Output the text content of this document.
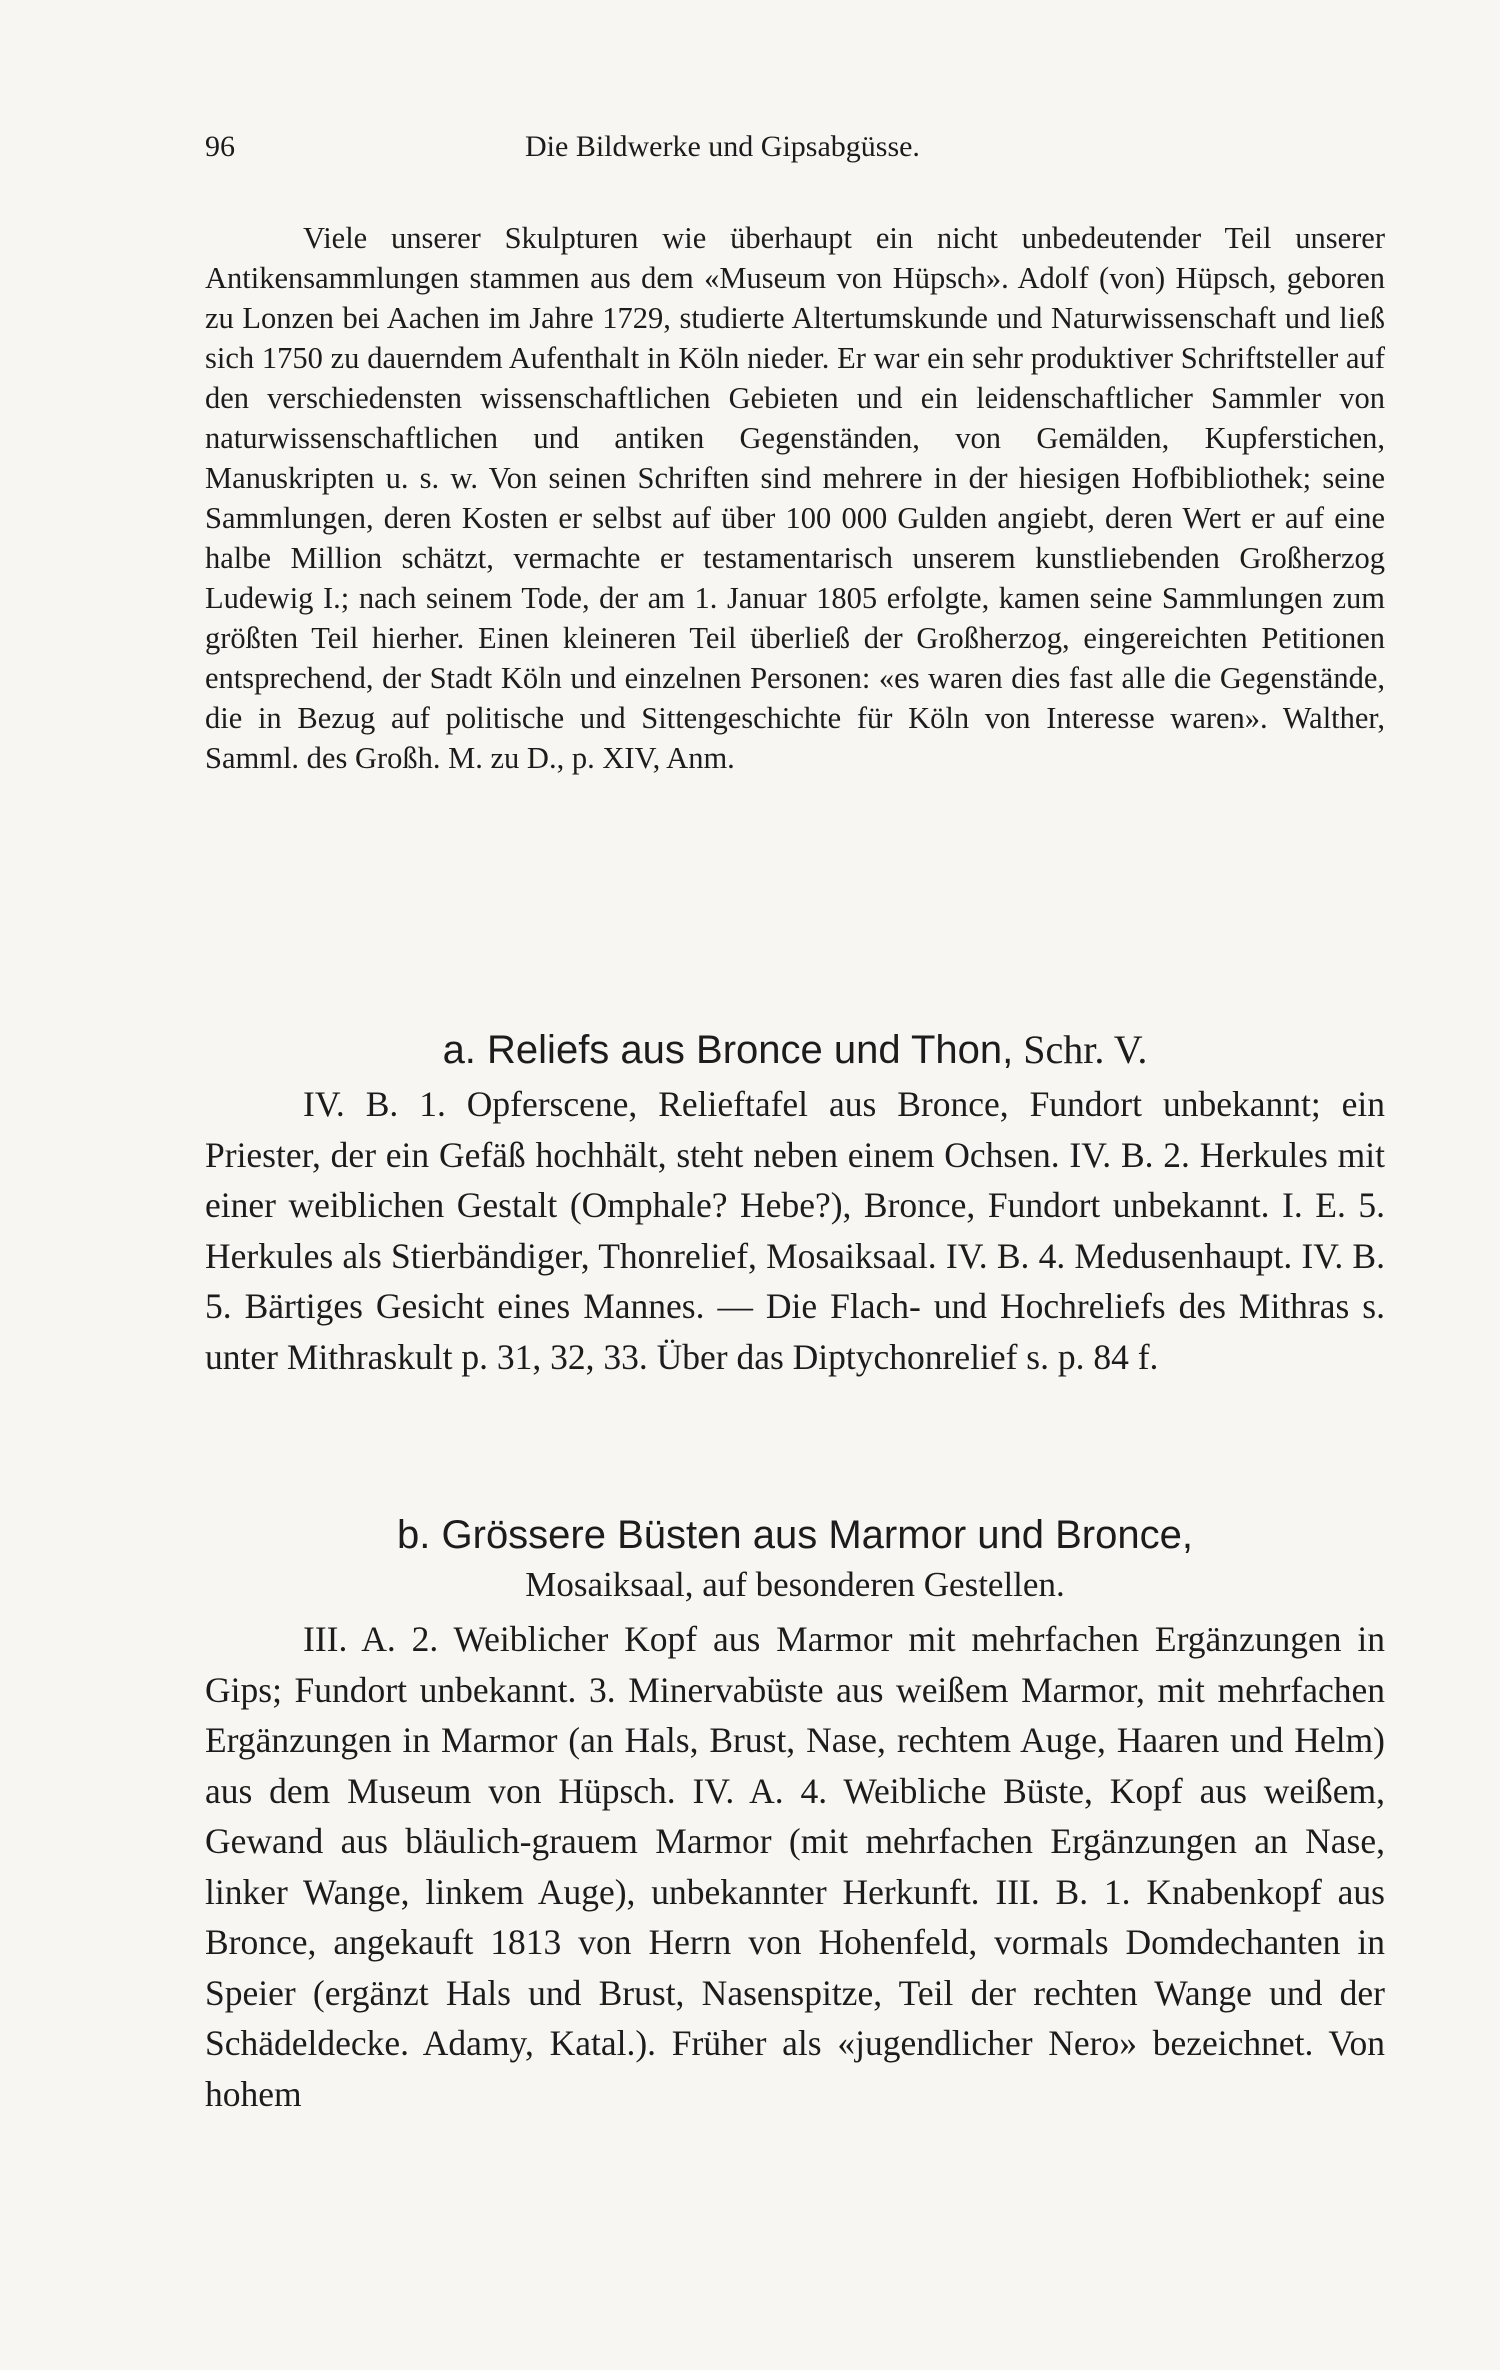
96	Die Bildwerke und Gipsabgüsse.

Viele unserer Skulpturen wie überhaupt ein nicht unbedeutender Teil unserer Antikensammlungen stammen aus dem «Museum von Hüpsch». Adolf (von) Hüpsch, geboren zu Lonzen bei Aachen im Jahre 1729, studierte Altertumskunde und Naturwissenschaft und ließ sich 1750 zu dauerndem Aufenthalt in Köln nieder. Er war ein sehr produktiver Schriftsteller auf den verschiedensten wissenschaftlichen Gebieten und ein leidenschaftlicher Sammler von naturwissenschaftlichen und antiken Gegenständen, von Gemälden, Kupferstichen, Manuskripten u. s. w. Von seinen Schriften sind mehrere in der hiesigen Hofbibliothek; seine Sammlungen, deren Kosten er selbst auf über 100 000 Gulden angiebt, deren Wert er auf eine halbe Million schätzt, vermachte er testamentarisch unserem kunstliebenden Großherzog Ludewig I.; nach seinem Tode, der am 1. Januar 1805 erfolgte, kamen seine Sammlungen zum größten Teil hierher. Einen kleineren Teil überließ der Großherzog, eingereichten Petitionen entsprechend, der Stadt Köln und einzelnen Personen: «es waren dies fast alle die Gegenstände, die in Bezug auf politische und Sittengeschichte für Köln von Interesse waren». Walther, Samml. des Großh. M. zu D., p. XIV, Anm.

a. Reliefs aus Bronce und Thon, Schr. V.

IV. B. 1. Opferscene, Relieftafel aus Bronce, Fundort unbekannt; ein Priester, der ein Gefäß hochhält, steht neben einem Ochsen. IV. B. 2. Herkules mit einer weiblichen Gestalt (Omphale? Hebe?), Bronce, Fundort unbekannt. I. E. 5. Herkules als Stierbändiger, Thonrelief, Mosaiksaal. IV. B. 4. Medusenhaupt. IV. B. 5. Bärtiges Gesicht eines Mannes. — Die Flach- und Hochreliefs des Mithras s. unter Mithraskult p. 31, 32, 33. Über das Diptychonrelief s. p. 84 f.

b. Grössere Büsten aus Marmor und Bronce,
Mosaiksaal, auf besonderen Gestellen.

III. A. 2. Weiblicher Kopf aus Marmor mit mehrfachen Ergänzungen in Gips; Fundort unbekannt. 3. Minervabüste aus weißem Marmor, mit mehrfachen Ergänzungen in Marmor (an Hals, Brust, Nase, rechtem Auge, Haaren und Helm) aus dem Museum von Hüpsch. IV. A. 4. Weibliche Büste, Kopf aus weißem, Gewand aus bläulich-grauem Marmor (mit mehrfachen Ergänzungen an Nase, linker Wange, linkem Auge), unbekannter Herkunft. III. B. 1. Knabenkopf aus Bronce, angekauft 1813 von Herrn von Hohenfeld, vormals Domdechanten in Speier (ergänzt Hals und Brust, Nasenspitze, Teil der rechten Wange und der Schädeldecke. Adamy, Katal.). Früher als «jugendlicher Nero» bezeichnet. Von hohem
